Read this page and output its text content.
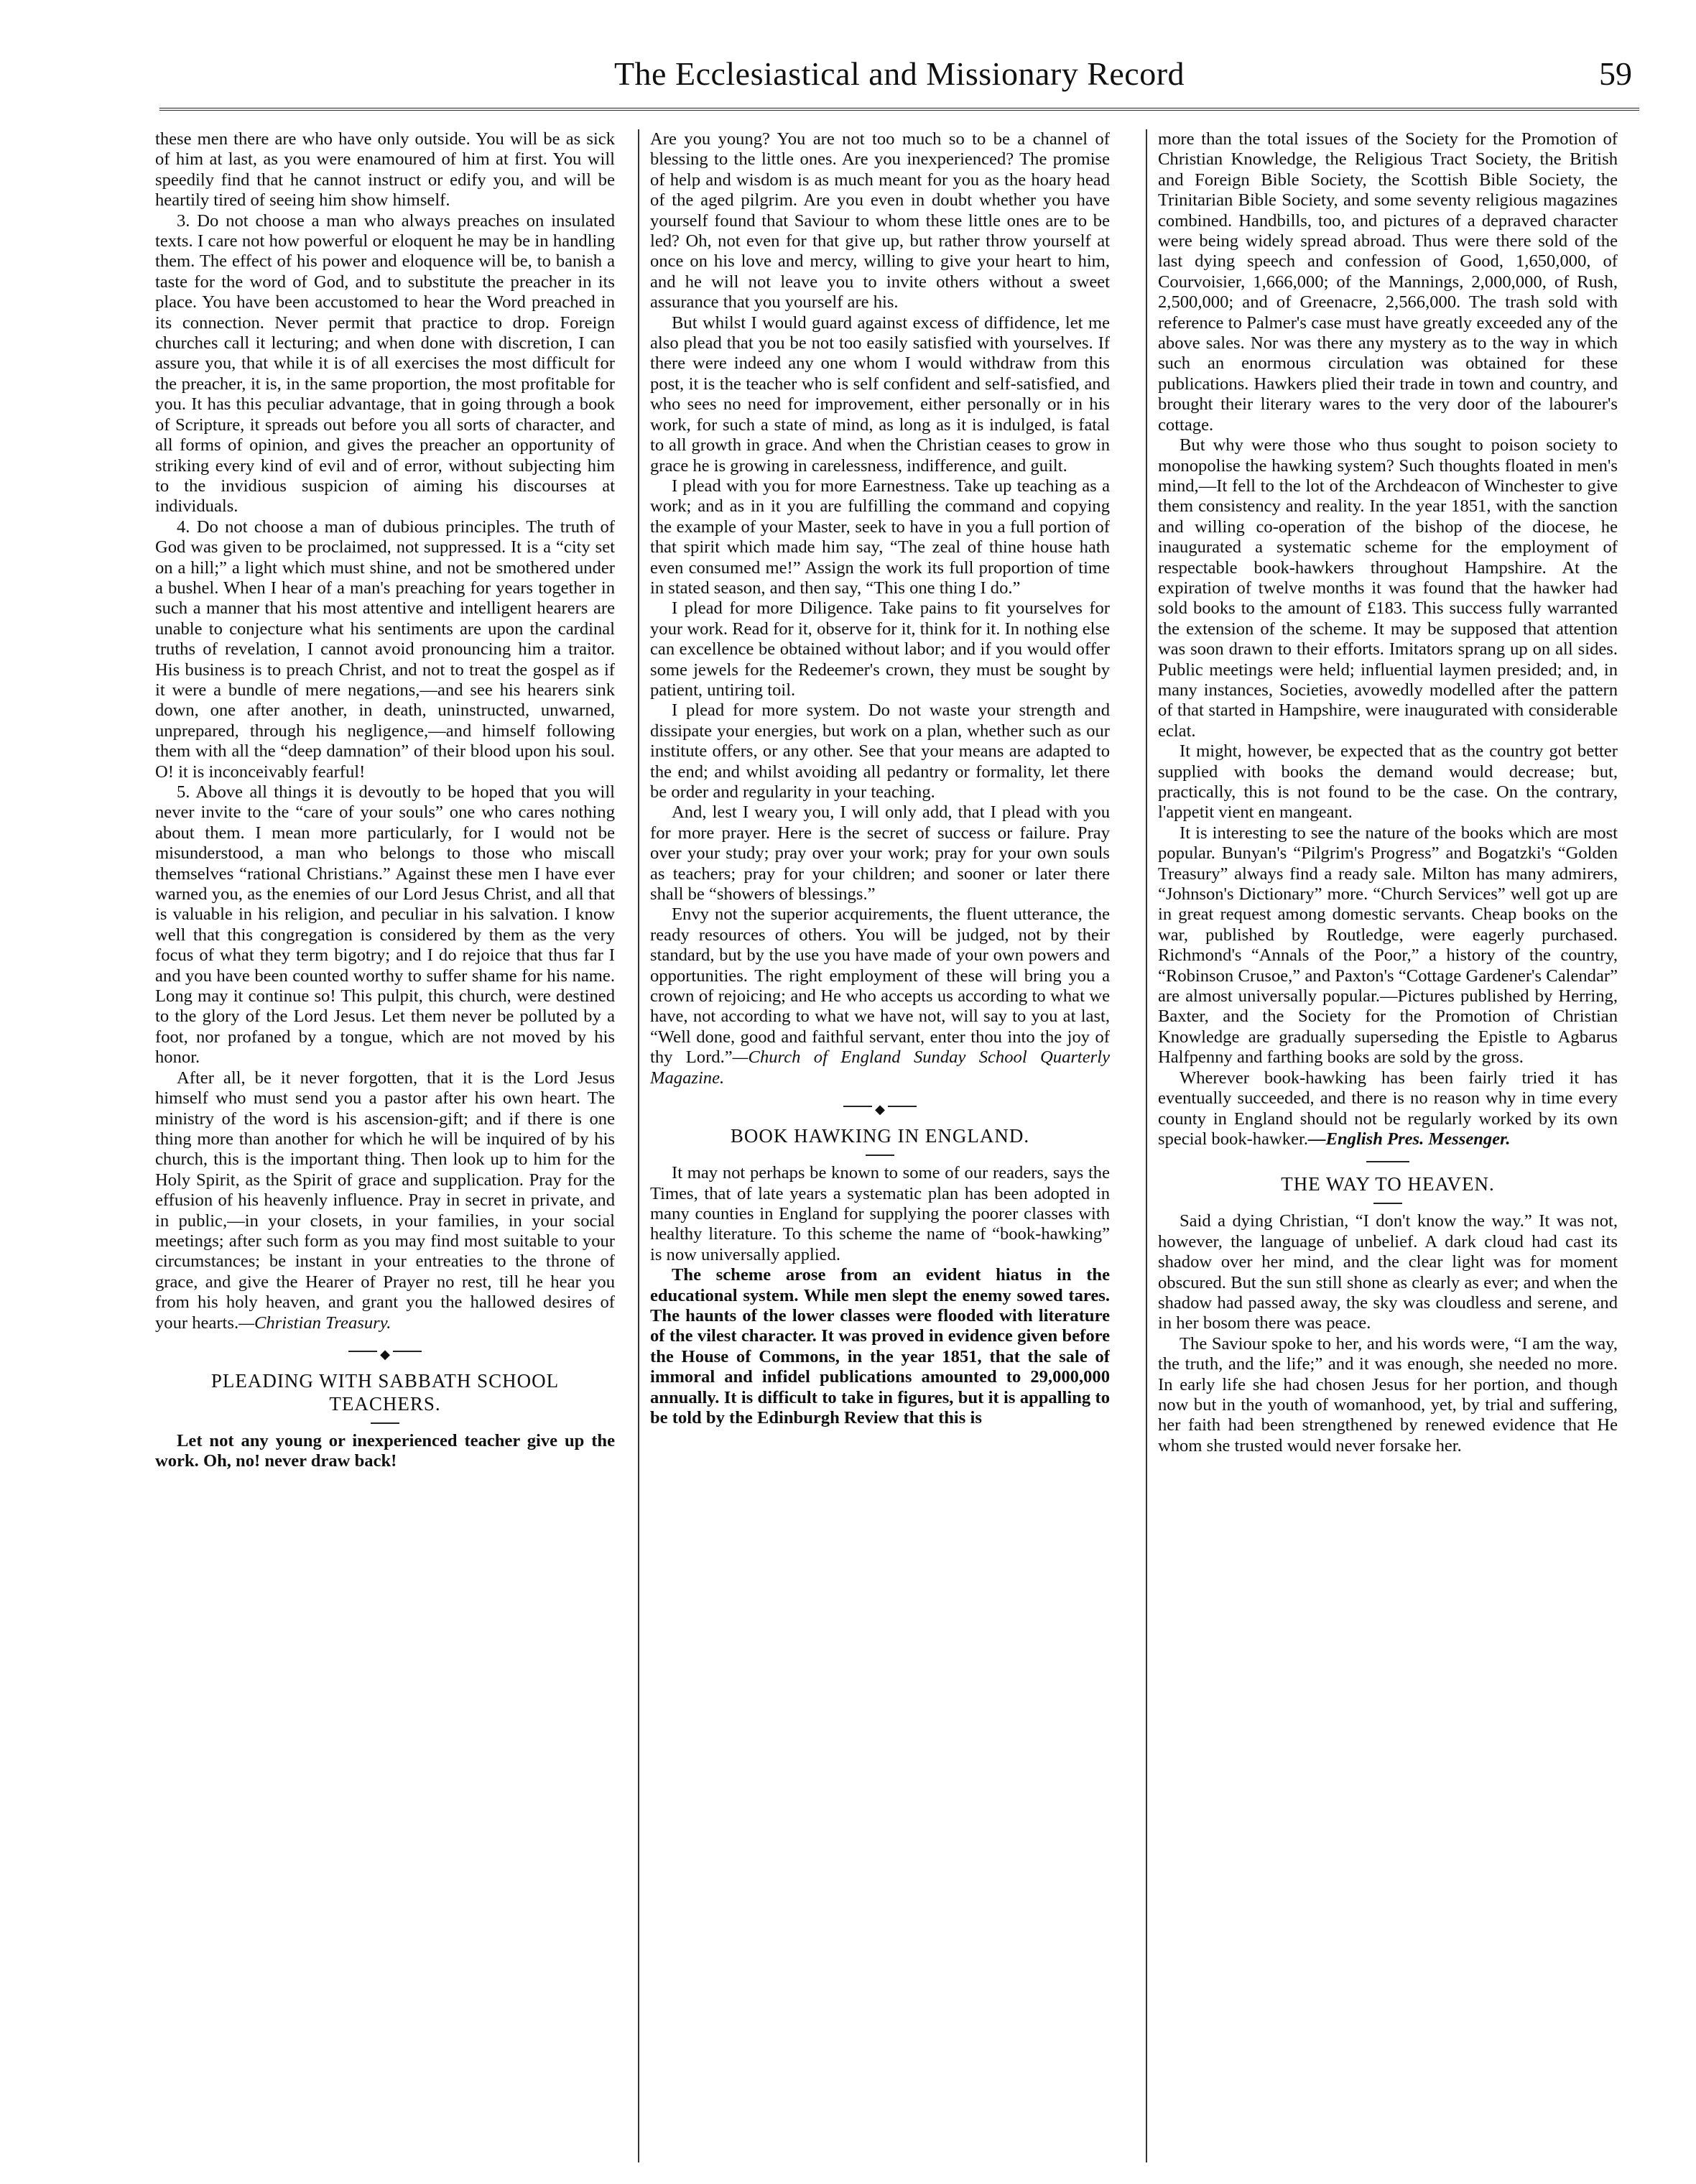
The Ecclesiastical and Missionary Record	59

these men there are who have only outside. You will be as sick of him at last, as you were enamoured of him at first. You will speedily find that he cannot instruct or edify you, and will be heartily tired of seeing him show himself.

3. Do not choose a man who always preaches on insulated texts. I care not how powerful or eloquent he may be in handling them. The effect of his power and eloquence will be, to banish a taste for the word of God, and to substitute the preacher in its place. You have been accustomed to hear the Word preached in its connection. Never permit that practice to drop. Foreign churches call it lecturing; and when done with discretion, I can assure you, that while it is of all exercises the most difficult for the preacher, it is, in the same proportion, the most profitable for you. It has this peculiar advantage, that in going through a book of Scripture, it spreads out before you all sorts of character, and all forms of opinion, and gives the preacher an opportunity of striking every kind of evil and of error, without subjecting him to the invidious suspicion of aiming his discourses at individuals.

4. Do not choose a man of dubious principles. The truth of God was given to be proclaimed, not suppressed. It is a “city set on a hill;” a light which must shine, and not be smothered under a bushel. When I hear of a man's preaching for years together in such a manner that his most attentive and intelligent hearers are unable to conjecture what his sentiments are upon the cardinal truths of revelation, I cannot avoid pronouncing him a traitor. His business is to preach Christ, and not to treat the gospel as if it were a bundle of mere negations,—and see his hearers sink down, one after another, in death, uninstructed, unwarned, unprepared, through his negligence,—and himself following them with all the “deep damnation” of their blood upon his soul. O! it is inconceivably fearful!

5. Above all things it is devoutly to be hoped that you will never invite to the “care of your souls” one who cares nothing about them. I mean more particularly, for I would not be misunderstood, a man who belongs to those who miscall themselves “rational Christians.” Against these men I have ever warned you, as the enemies of our Lord Jesus Christ, and all that is valuable in his religion, and peculiar in his salvation. I know well that this congregation is considered by them as the very focus of what they term bigotry; and I do rejoice that thus far I and you have been counted worthy to suffer shame for his name. Long may it continue so! This pulpit, this church, were destined to the glory of the Lord Jesus. Let them never be polluted by a foot, nor profaned by a tongue, which are not moved by his honor.

After all, be it never forgotten, that it is the Lord Jesus himself who must send you a pastor after his own heart. The ministry of the word is his ascension-gift; and if there is one thing more than another for which he will be inquired of by his church, this is the important thing. Then look up to him for the Holy Spirit, as the Spirit of grace and supplication. Pray for the effusion of his heavenly influence. Pray in secret in private, and in public,—in your closets, in your families, in your social meetings; after such form as you may find most suitable to your circumstances; be instant in your entreaties to the throne of grace, and give the Hearer of Prayer no rest, till he hear you from his holy heaven, and grant you the hallowed desires of your hearts.—Christian Treasury.

◆
PLEADING WITH SABBATH SCHOOL TEACHERS.

Let not any young or inexperienced teacher give up the work. Oh, no! never draw back!

Are you young? You are not too much so to be a channel of blessing to the little ones. Are you inexperienced? The promise of help and wisdom is as much meant for you as the hoary head of the aged pilgrim. Are you even in doubt whether you have yourself found that Saviour to whom these little ones are to be led? Oh, not even for that give up, but rather throw yourself at once on his love and mercy, willing to give your heart to him, and he will not leave you to invite others without a sweet assurance that you yourself are his.

But whilst I would guard against excess of diffidence, let me also plead that you be not too easily satisfied with yourselves. If there were indeed any one whom I would withdraw from this post, it is the teacher who is self confident and self-satisfied, and who sees no need for improvement, either personally or in his work, for such a state of mind, as long as it is indulged, is fatal to all growth in grace. And when the Christian ceases to grow in grace he is growing in carelessness, indifference, and guilt.

I plead with you for more Earnestness. Take up teaching as a work; and as in it you are fulfilling the command and copying the example of your Master, seek to have in you a full portion of that spirit which made him say, “The zeal of thine house hath even consumed me!” Assign the work its full proportion of time in stated season, and then say, “This one thing I do.”

I plead for more Diligence. Take pains to fit yourselves for your work. Read for it, observe for it, think for it. In nothing else can excellence be obtained without labor; and if you would offer some jewels for the Redeemer's crown, they must be sought by patient, untiring toil.

I plead for more system. Do not waste your strength and dissipate your energies, but work on a plan, whether such as our institute offers, or any other. See that your means are adapted to the end; and whilst avoiding all pedantry or formality, let there be order and regularity in your teaching.

And, lest I weary you, I will only add, that I plead with you for more prayer. Here is the secret of success or failure. Pray over your study; pray over your work; pray for your own souls as teachers; pray for your children; and sooner or later there shall be “showers of blessings.”

Envy not the superior acquirements, the fluent utterance, the ready resources of others. You will be judged, not by their standard, but by the use you have made of your own powers and opportunities. The right employment of these will bring you a crown of rejoicing; and He who accepts us according to what we have, not according to what we have not, will say to you at last, “Well done, good and faithful servant, enter thou into the joy of thy Lord.”—Church of England Sunday School Quarterly Magazine.

◆
BOOK HAWKING IN ENGLAND.

It may not perhaps be known to some of our readers, says the Times, that of late years a systematic plan has been adopted in many counties in England for supplying the poorer classes with healthy literature. To this scheme the name of “book-hawking” is now universally applied.

The scheme arose from an evident hiatus in the educational system. While men slept the enemy sowed tares. The haunts of the lower classes were flooded with literature of the vilest character. It was proved in evidence given before the House of Commons, in the year 1851, that the sale of immoral and infidel publications amounted to 29,000,000 annually. It is difficult to take in figures, but it is appalling to be told by the Edinburgh Review that this is

more than the total issues of the Society for the Promotion of Christian Knowledge, the Religious Tract Society, the British and Foreign Bible Society, the Scottish Bible Society, the Trinitarian Bible Society, and some seventy religious magazines combined. Handbills, too, and pictures of a depraved character were being widely spread abroad. Thus were there sold of the last dying speech and confession of Good, 1,650,000, of Courvoisier, 1,666,000; of the Mannings, 2,000,000, of Rush, 2,500,000; and of Greenacre, 2,566,000. The trash sold with reference to Palmer's case must have greatly exceeded any of the above sales. Nor was there any mystery as to the way in which such an enormous circulation was obtained for these publications. Hawkers plied their trade in town and country, and brought their literary wares to the very door of the labourer's cottage.

But why were those who thus sought to poison society to monopolise the hawking system? Such thoughts floated in men's mind,—It fell to the lot of the Archdeacon of Winchester to give them consistency and reality. In the year 1851, with the sanction and willing co-operation of the bishop of the diocese, he inaugurated a systematic scheme for the employment of respectable book-hawkers throughout Hampshire. At the expiration of twelve months it was found that the hawker had sold books to the amount of £183. This success fully warranted the extension of the scheme. It may be supposed that attention was soon drawn to their efforts. Imitators sprang up on all sides. Public meetings were held; influential laymen presided; and, in many instances, Societies, avowedly modelled after the pattern of that started in Hampshire, were inaugurated with considerable eclat.

It might, however, be expected that as the country got better supplied with books the demand would decrease; but, practically, this is not found to be the case. On the contrary, l'appetit vient en mangeant.

It is interesting to see the nature of the books which are most popular. Bunyan's “Pilgrim's Progress” and Bogatzki's “Golden Treasury” always find a ready sale. Milton has many admirers, “Johnson's Dictionary” more. “Church Services” well got up are in great request among domestic servants. Cheap books on the war, published by Routledge, were eagerly purchased. Richmond's “Annals of the Poor,” a history of the country, “Robinson Crusoe,” and Paxton's “Cottage Gardener's Calendar” are almost universally popular.—Pictures published by Herring, Baxter, and the Society for the Promotion of Christian Knowledge are gradually superseding the Epistle to Agbarus Halfpenny and farthing books are sold by the gross.

Wherever book-hawking has been fairly tried it has eventually succeeded, and there is no reason why in time every county in England should not be regularly worked by its own special book-hawker.—English Pres. Messenger.

THE WAY TO HEAVEN.

Said a dying Christian, “I don't know the way.” It was not, however, the language of unbelief. A dark cloud had cast its shadow over her mind, and the clear light was for moment obscured. But the sun still shone as clearly as ever; and when the shadow had passed away, the sky was cloudless and serene, and in her bosom there was peace.

The Saviour spoke to her, and his words were, “I am the way, the truth, and the life;” and it was enough, she needed no more. In early life she had chosen Jesus for her portion, and though now but in the youth of womanhood, yet, by trial and suffering, her faith had been strengthened by renewed evidence that He whom she trusted would never forsake her.
